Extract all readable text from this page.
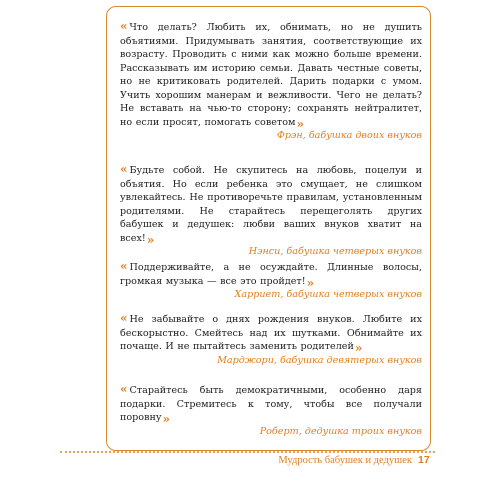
« Что делать? Любить их, обнимать, но не душить объятиями. Придумывать занятия, соответствующие их возрасту. Проводить с ними как можно больше времени. Рассказывать им историю семьи. Давать честные советы, но не критиковать родителей. Дарить подарки с умом. Учить хорошим манерам и вежливости. Чего не делать? Не вставать на чью-то сторону; сохранять нейтралитет, но если просят, помогать советом»
Фрэн, бабушка двоих внуков
« Будьте собой. Не скупитесь на любовь, поцелуи и объятия. Но если ребенка это смущает, не слишком увлекайтесь. Не противоречьте правилам, установленным родителями. Не старайтесь перещеголять других бабушек и дедушек: любви ваших внуков хватит на всех!»
Нэнси, бабушка четверых внуков
« Поддерживайте, а не осуждайте. Длинные волосы, громкая музыка — все это пройдет!»
Харриет, бабушка четверых внуков
« Не забывайте о днях рождения внуков. Любите их бескорыстно. Смейтесь над их шутками. Обнимайте их почаще. И не пытайтесь заменить родителей»
Марджори, бабушка девятерых внуков
« Старайтесь быть демократичными, особенно даря подарки. Стремитесь к тому, чтобы все получали поровну»
Роберт, дедушка троих внуков
Мудрость бабушек и дедушек 17
